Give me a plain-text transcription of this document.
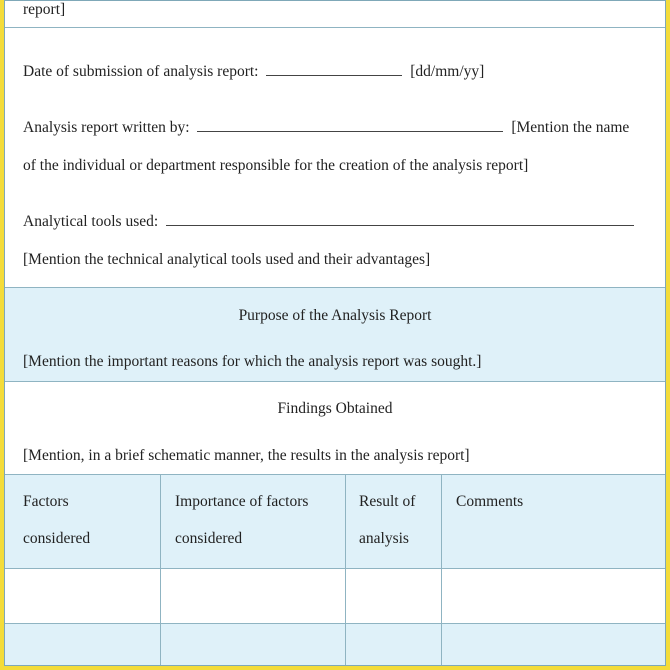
report]
Date of submission of analysis report:	[dd/mm/yy]
Analysis report written by:	[Mention the name
of the individual or department responsible for the creation of the analysis report]
Analytical tools used:
[Mention the technical analytical tools used and their advantages]
Purpose of the Analysis Report
[Mention the important reasons for which the analysis report was sought.]
Findings Obtained
[Mention, in a brief schematic manner, the results in the analysis report]
Factors
considered
Importance of factors
considered
Result of
analysis
Comments
